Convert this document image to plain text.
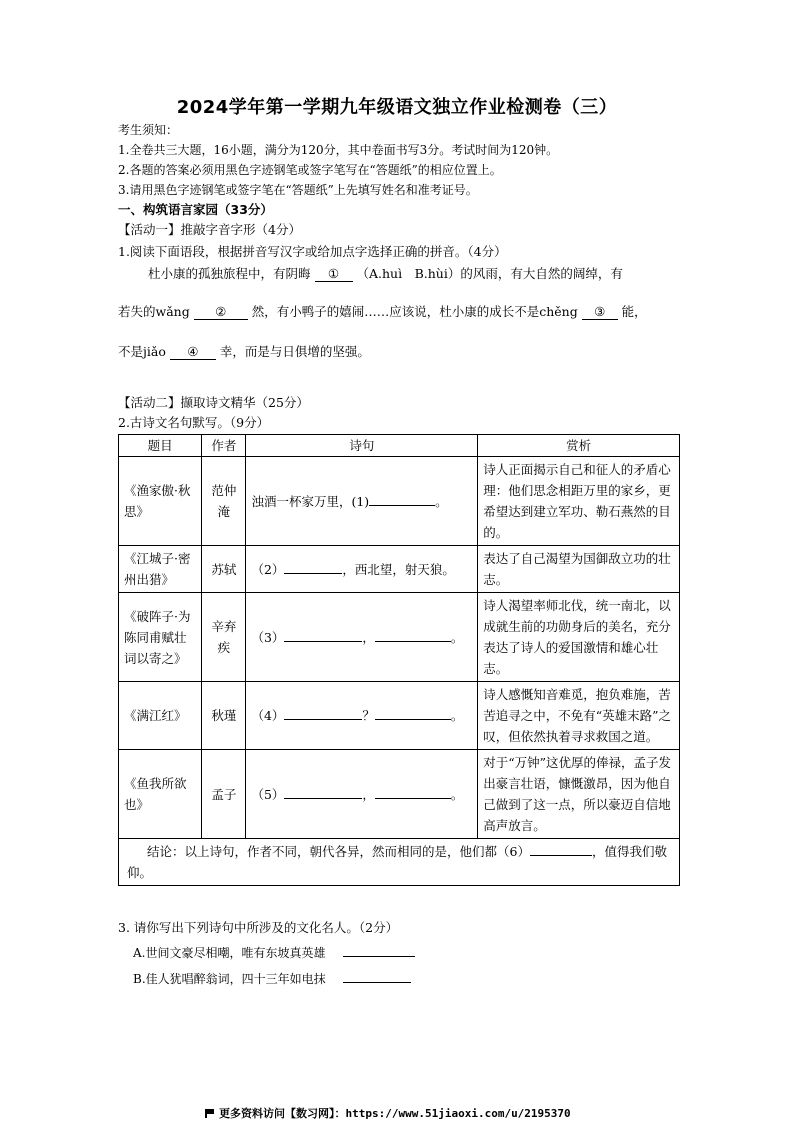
2024学年第一学期九年级语文独立作业检测卷（三）
考生须知：
1.全卷共三大题，16小题，满分为120分，其中卷面书写3分。考试时间为120钟。
2.各题的答案必须用黑色字迹钢笔或签字笔写在“答题纸”的相应位置上。
3.请用黑色字迹钢笔或签字笔在“答题纸”上先填写姓名和准考证号。
一、构筑语言家园（33分）
【活动一】推敲字音字形（4分）
1.阅读下面语段，根据拼音写汉字或给加点字选择正确的拼音。（4分）
杜小康的孤独旅程中，有阴晦 ① （A.huì　B.hùi）的风雨，有大自然的阔绰，有
若失的wǎng ② 然，有小鸭子的嬉闹……应该说，杜小康的成长不是chěng ③ 能，
不是jiǎo ④ 幸，而是与日俱增的坚强。
【活动二】撷取诗文精华（25分）
2.古诗文名句默写。（9分）
题目	作者	诗句	赏析
《渔家傲·秋思》	范仲淹	浊酒一杯家万里，(1) 。	诗人正面揭示自己和征人的矛盾心理：他们思念相距万里的家乡，更希望达到建立军功、勒石燕然的目的。
《江城子·密州出猎》	苏轼	（2） ，西北望，射天狼。	表达了自己渴望为国御敌立功的壮志。
《破阵子·为陈同甫赋壮词以寄之》	辛弃疾	（3） ， 。	诗人渴望率师北伐，统一南北，以成就生前的功勋身后的美名，充分表达了诗人的爱国激情和雄心壮志。
《满江红》	秋瑾	（4） ？ 。	诗人感慨知音难觅，抱负难施，苦苦追寻之中，不免有“英雄末路”之叹，但依然执着寻求救国之道。
《鱼我所欲也》	孟子	（5） ， 。	对于“万钟”这优厚的俸禄，孟子发出豪言壮语，慷慨激昂，因为他自己做到了这一点，所以豪迈自信地高声放言。
结论：以上诗句，作者不同，朝代各异，然而相同的是，他们都（6） ，值得我们敬仰。			
3. 请你写出下列诗句中所涉及的文化名人。（2分）
A.世间文豪尽相嘲，唯有东坡真英雄
B.佳人犹唱醉翁词，四十三年如电抹
更多资料访问【数习网】：https://www.51jiaoxi.com/u/2195370
